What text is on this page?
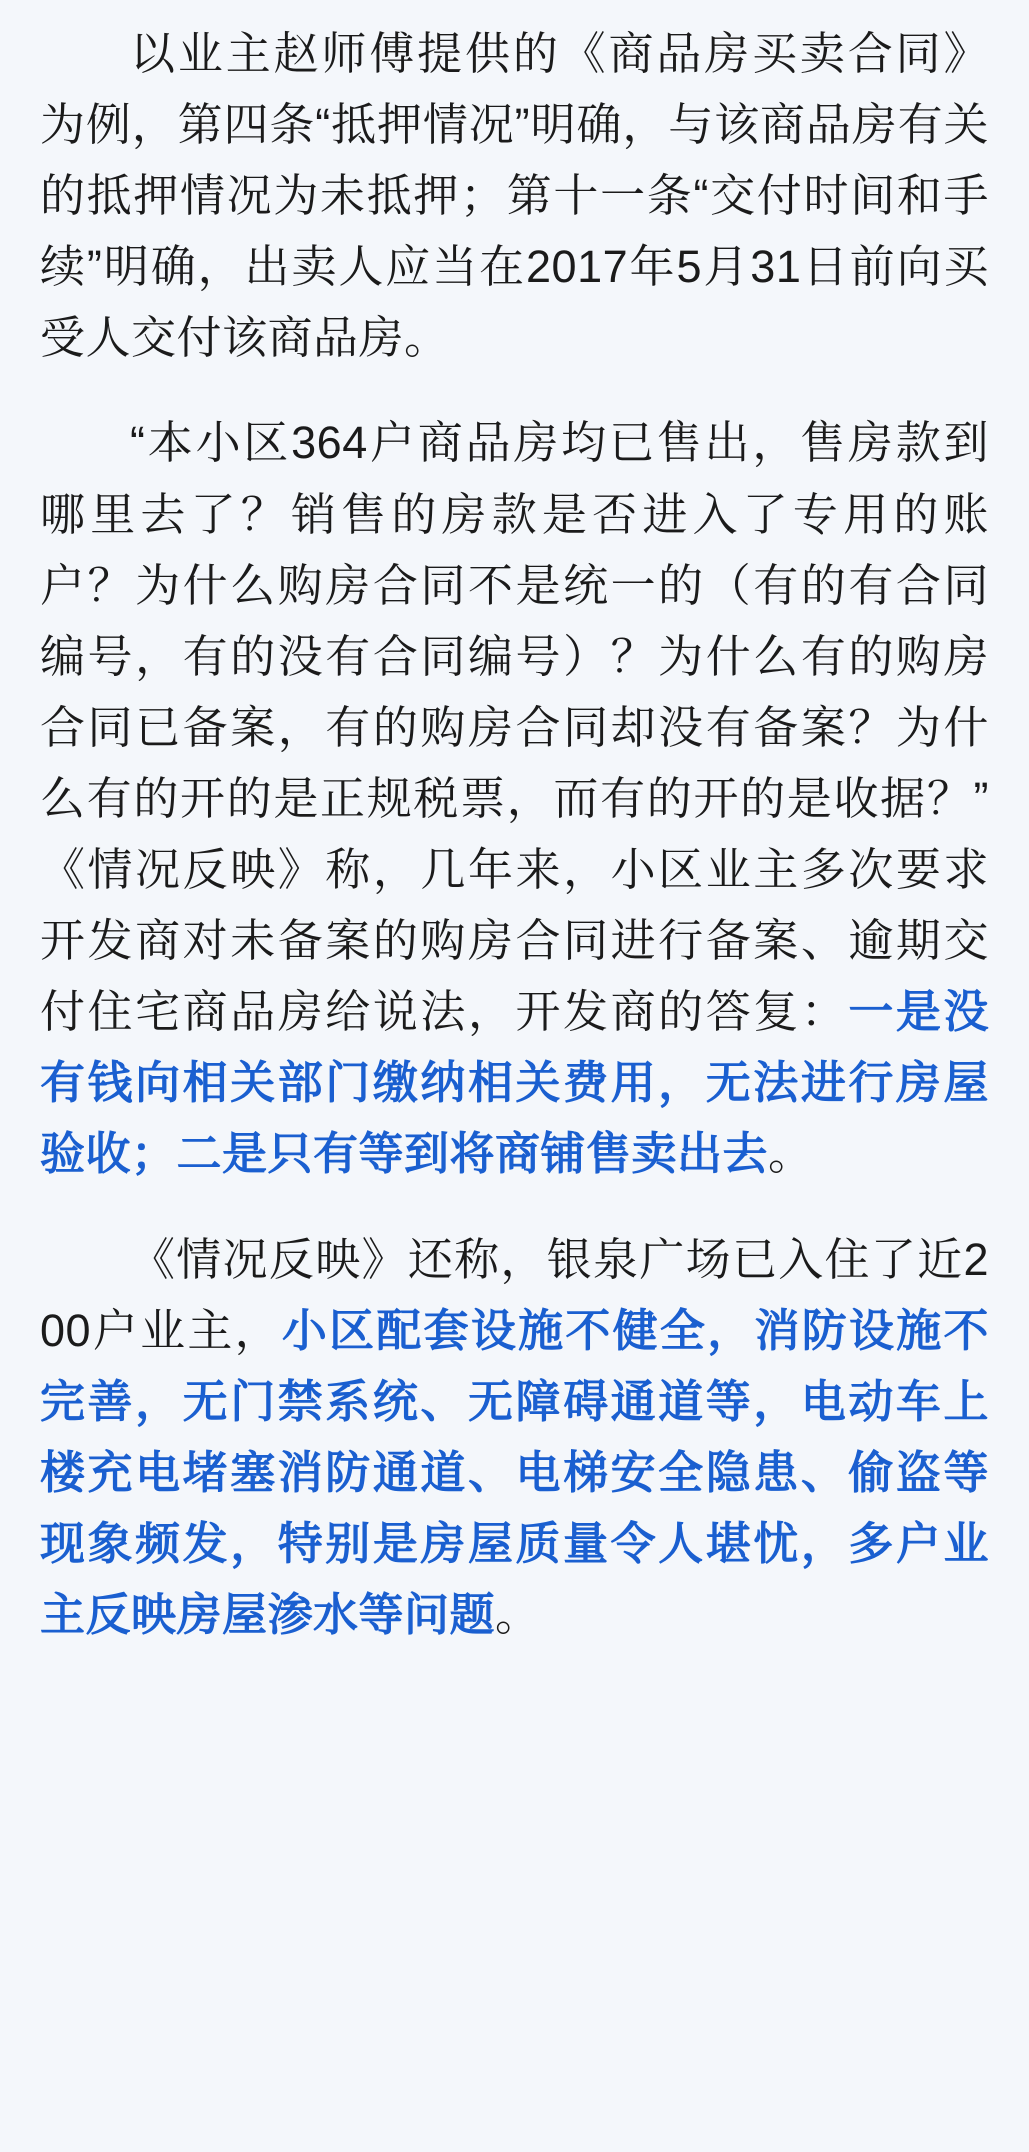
以业主赵师傅提供的《商品房买卖合同》为例，第四条“抵押情况”明确，与该商品房有关的抵押情况为未抵押；第十一条“交付时间和手续”明确，出卖人应当在2017年5月31日前向买受人交付该商品房。

“本小区364户商品房均已售出，售房款到哪里去了？销售的房款是否进入了专用的账户？为什么购房合同不是统一的（有的有合同编号，有的没有合同编号）？为什么有的购房合同已备案，有的购房合同却没有备案？为什么有的开的是正规税票，而有的开的是收据？”《情况反映》称，几年来，小区业主多次要求开发商对未备案的购房合同进行备案、逾期交付住宅商品房给说法，开发商的答复：一是没有钱向相关部门缴纳相关费用，无法进行房屋验收；二是只有等到将商铺售卖出去。

《情况反映》还称，银泉广场已入住了近200户业主，小区配套设施不健全，消防设施不完善，无门禁系统、无障碍通道等，电动车上楼充电堵塞消防通道、电梯安全隐患、偷盗等现象频发，特别是房屋质量令人堪忧，多户业主反映房屋渗水等问题。
